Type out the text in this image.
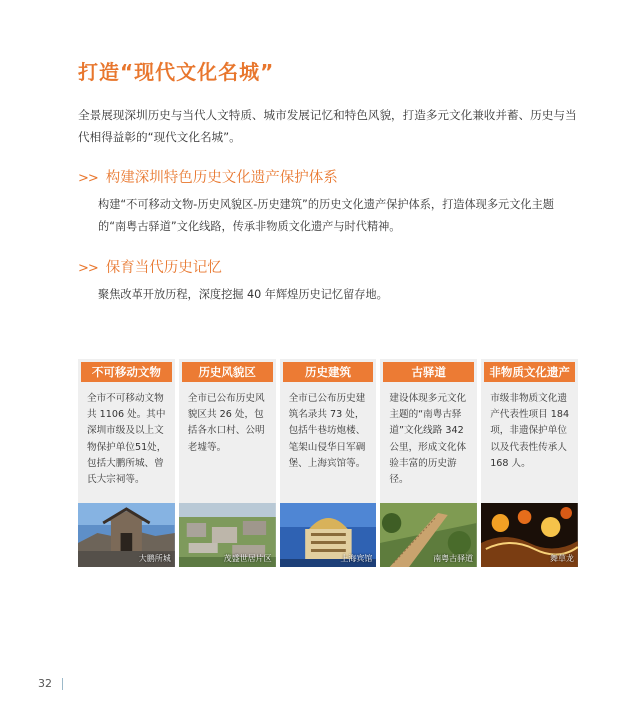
打造“现代文化名城”

全景展现深圳历史与当代人文特质、城市发展记忆和特色风貌，打造多元文化兼收并蓄、历史与当代相得益彰的“现代文化名城”。

>> 构建深圳特色历史文化遗产保护体系

构建“不可移动文物-历史风貌区-历史建筑”的历史文化遗产保护体系，打造体现多元文化主题的“南粤古驿道”文化线路，传承非物质文化遗产与时代精神。

>> 保育当代历史记忆

聚焦改革开放历程，深度挖掘 40 年辉煌历史记忆留存地。

不可移动文物
全市不可移动文物共 1106 处。其中深圳市级及以上文物保护单位51处，包括大鹏所城、曾氏大宗祠等。
大鹏所城
历史风貌区
全市已公布历史风貌区共 26 处，包括各水口村、公明老墟等。
茂盛世居片区
历史建筑
全市已公布历史建筑名录共 73 处，包括牛巷坊炮楼、笔架山侵华日军碉堡、上海宾馆等。
上海宾馆
古驿道
建设体现多元文化主题的“南粤古驿道”文化线路 342 公里，形成文化体验丰富的历史游径。
南粤古驿道
非物质文化遗产
市级非物质文化遗产代表性项目 184 项，非遗保护单位以及代表性传承人 168 人。
舞草龙
32
